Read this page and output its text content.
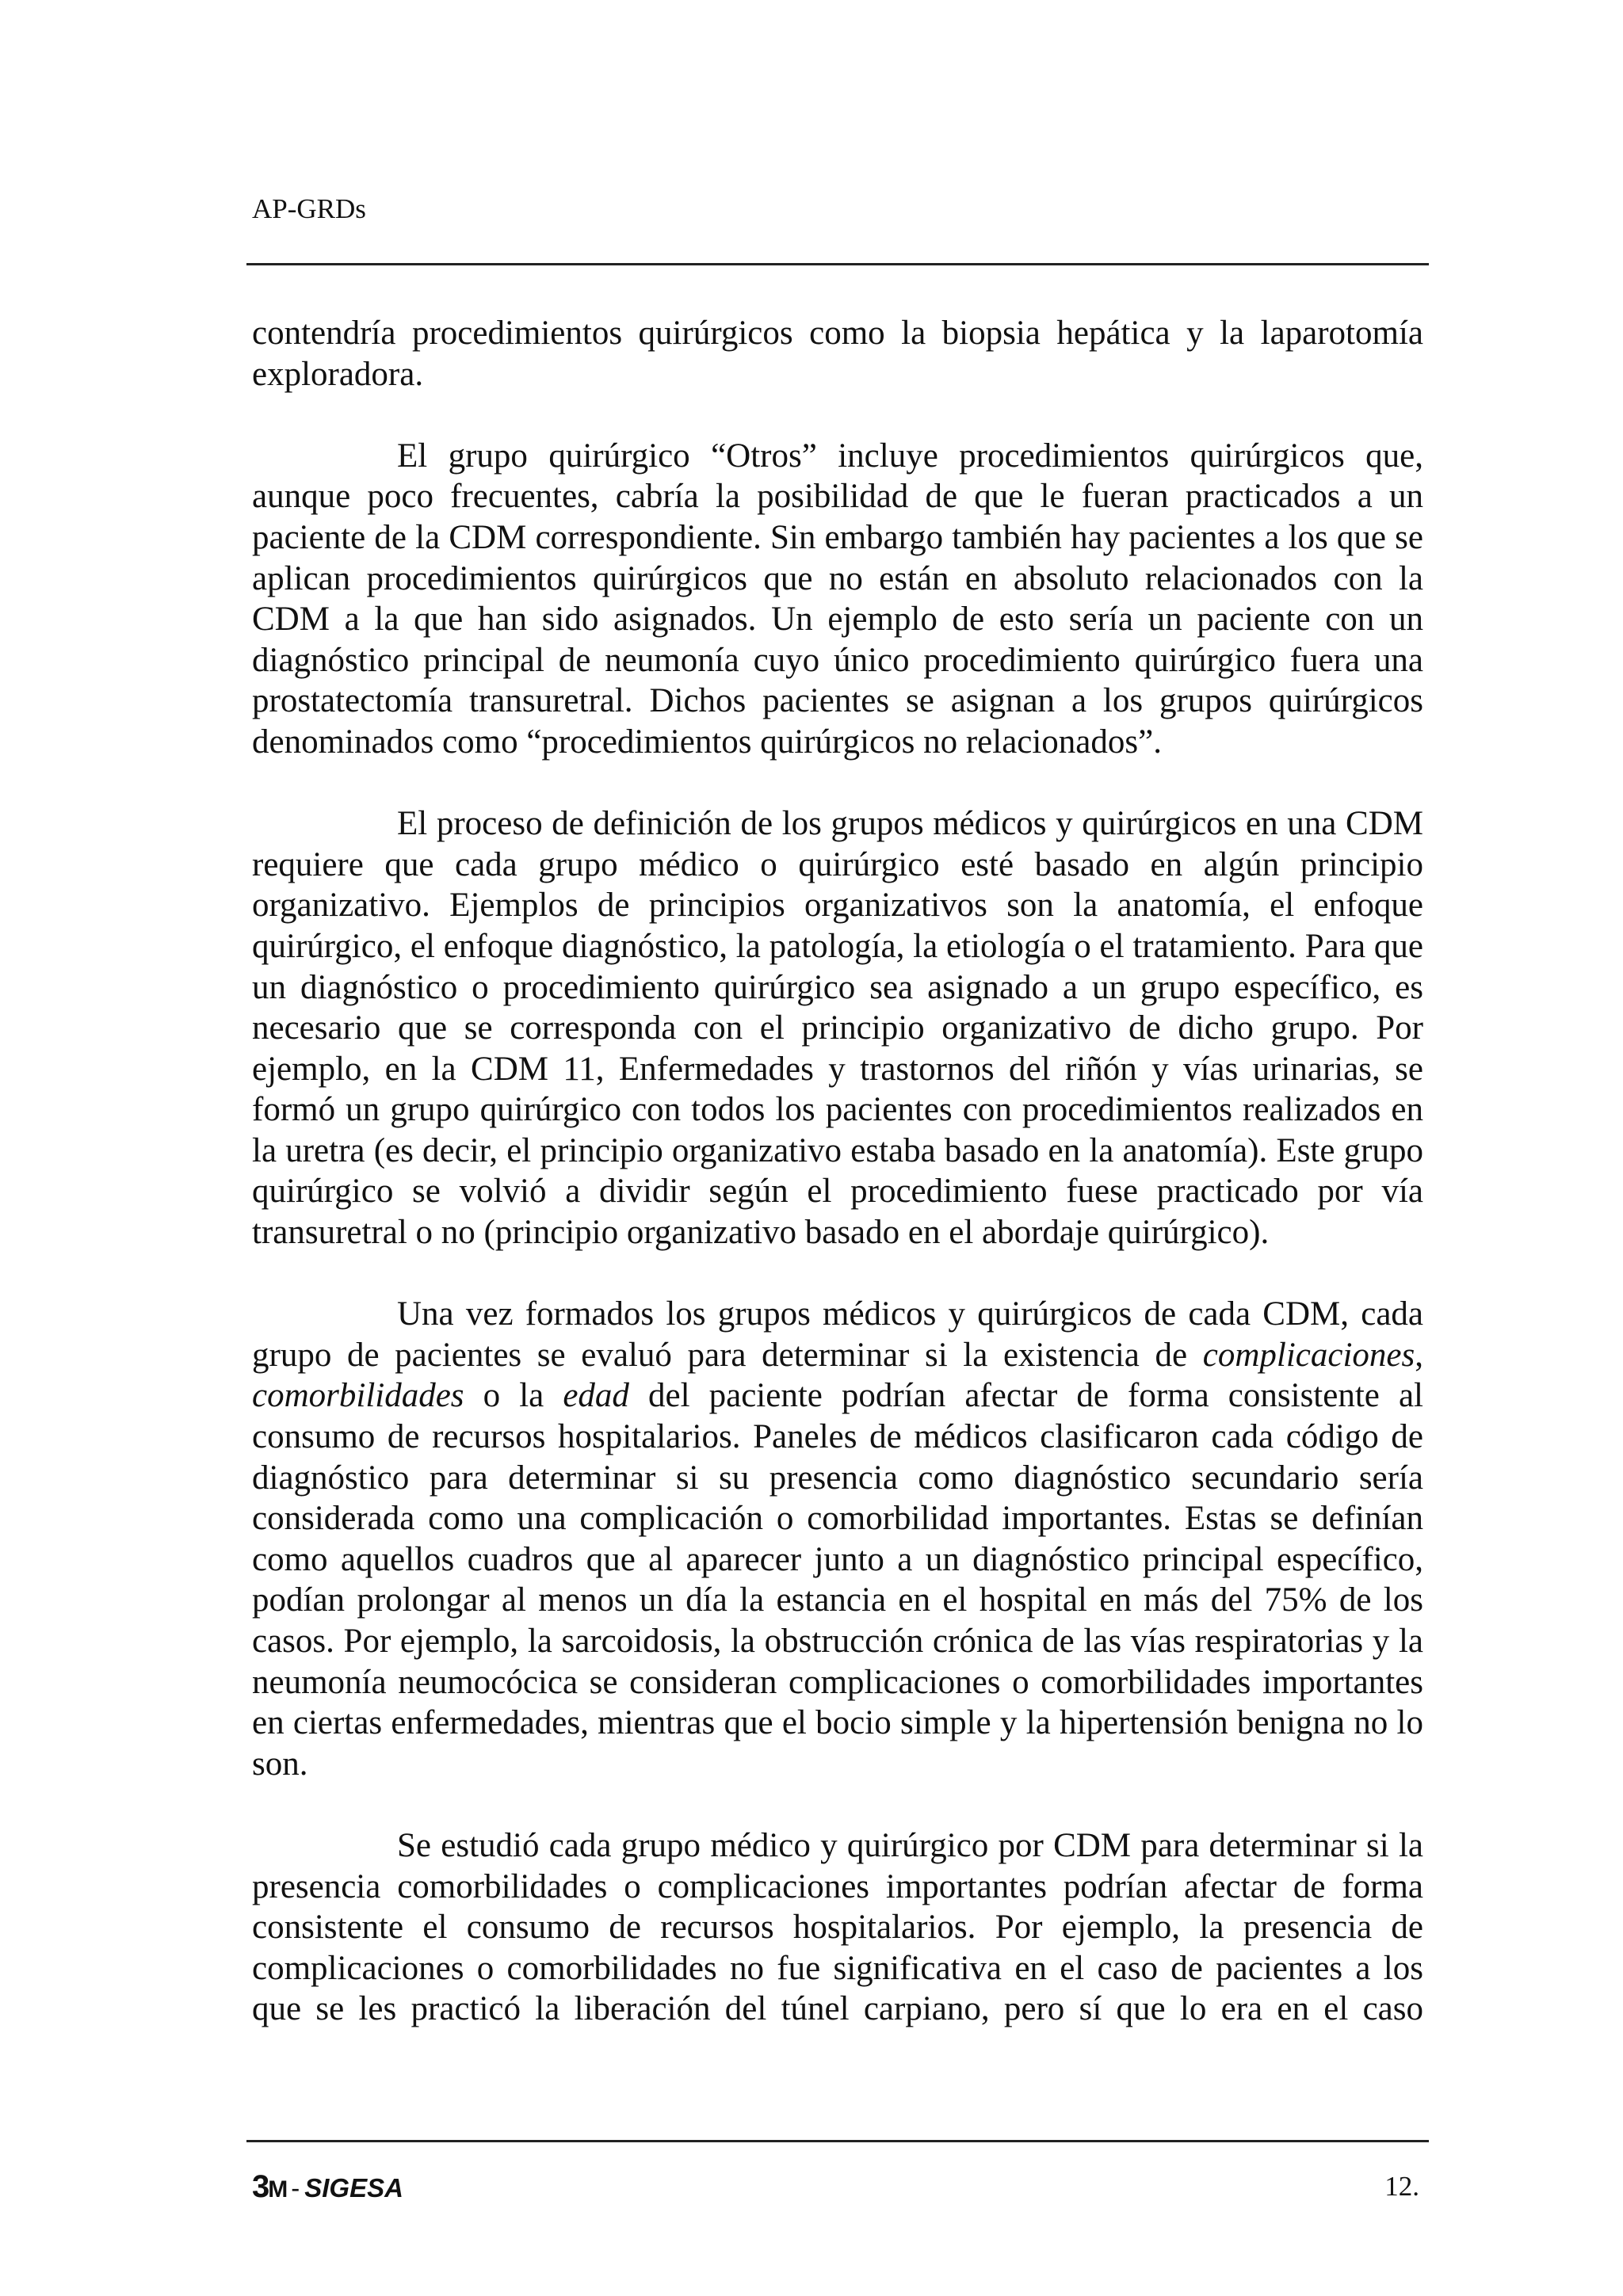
AP-GRDs

contendría procedimientos quirúrgicos como la biopsia hepática y la laparotomía exploradora.

El grupo quirúrgico “Otros” incluye procedimientos quirúrgicos que, aunque poco frecuentes, cabría la posibilidad de que le fueran practicados a un paciente de la CDM correspondiente. Sin embargo también hay pacientes a los que se aplican procedimientos quirúrgicos que no están en absoluto relacionados con la CDM a la que han sido asignados. Un ejemplo de esto sería un paciente con un diagnóstico principal de neumonía cuyo único procedimiento quirúrgico fuera una prostatectomía transuretral. Dichos pacientes se asignan a los grupos quirúrgicos denominados como “procedimientos quirúrgicos no relacionados”.

El proceso de definición de los grupos médicos y quirúrgicos en una CDM requiere que cada grupo médico o quirúrgico esté basado en algún principio organizativo. Ejemplos de principios organizativos son la anatomía, el enfoque quirúrgico, el enfoque diagnóstico, la patología, la etiología o el tratamiento. Para que un diagnóstico o procedimiento quirúrgico sea asignado a un grupo específico, es necesario que se corresponda con el principio organizativo de dicho grupo. Por ejemplo, en la CDM 11, Enfermedades y trastornos del riñón y vías urinarias, se formó un grupo quirúrgico con todos los pacientes con procedimientos realizados en la uretra (es decir, el principio organizativo estaba basado en la anatomía). Este grupo quirúrgico se volvió a dividir según el procedimiento fuese practicado por vía transuretral o no (principio organizativo basado en el abordaje quirúrgico).

Una vez formados los grupos médicos y quirúrgicos de cada CDM, cada grupo de pacientes se evaluó para determinar si la existencia de complicaciones, comorbilidades o la edad del paciente podrían afectar de forma consistente al consumo de recursos hospitalarios. Paneles de médicos clasificaron cada código de diagnóstico para determinar si su presencia como diagnóstico secundario sería considerada como una complicación o comorbilidad importantes. Estas se definían como aquellos cuadros que al aparecer junto a un diagnóstico principal específico, podían prolongar al menos un día la estancia en el hospital en más del 75% de los casos. Por ejemplo, la sarcoidosis, la obstrucción crónica de las vías respiratorias y la neumonía neumocócica se consideran complicaciones o comorbilidades importantes en ciertas enfermedades, mientras que el bocio simple y la hipertensión benigna no lo son.

Se estudió cada grupo médico y quirúrgico por CDM para determinar si la presencia comorbilidades o complicaciones importantes podrían afectar de forma consistente el consumo de recursos hospitalarios. Por ejemplo, la presencia de complicaciones o comorbilidades no fue significativa en el caso de pacientes a los que se les practicó la liberación del túnel carpiano, pero sí que lo era en el caso

3M - SIGESA	12.
